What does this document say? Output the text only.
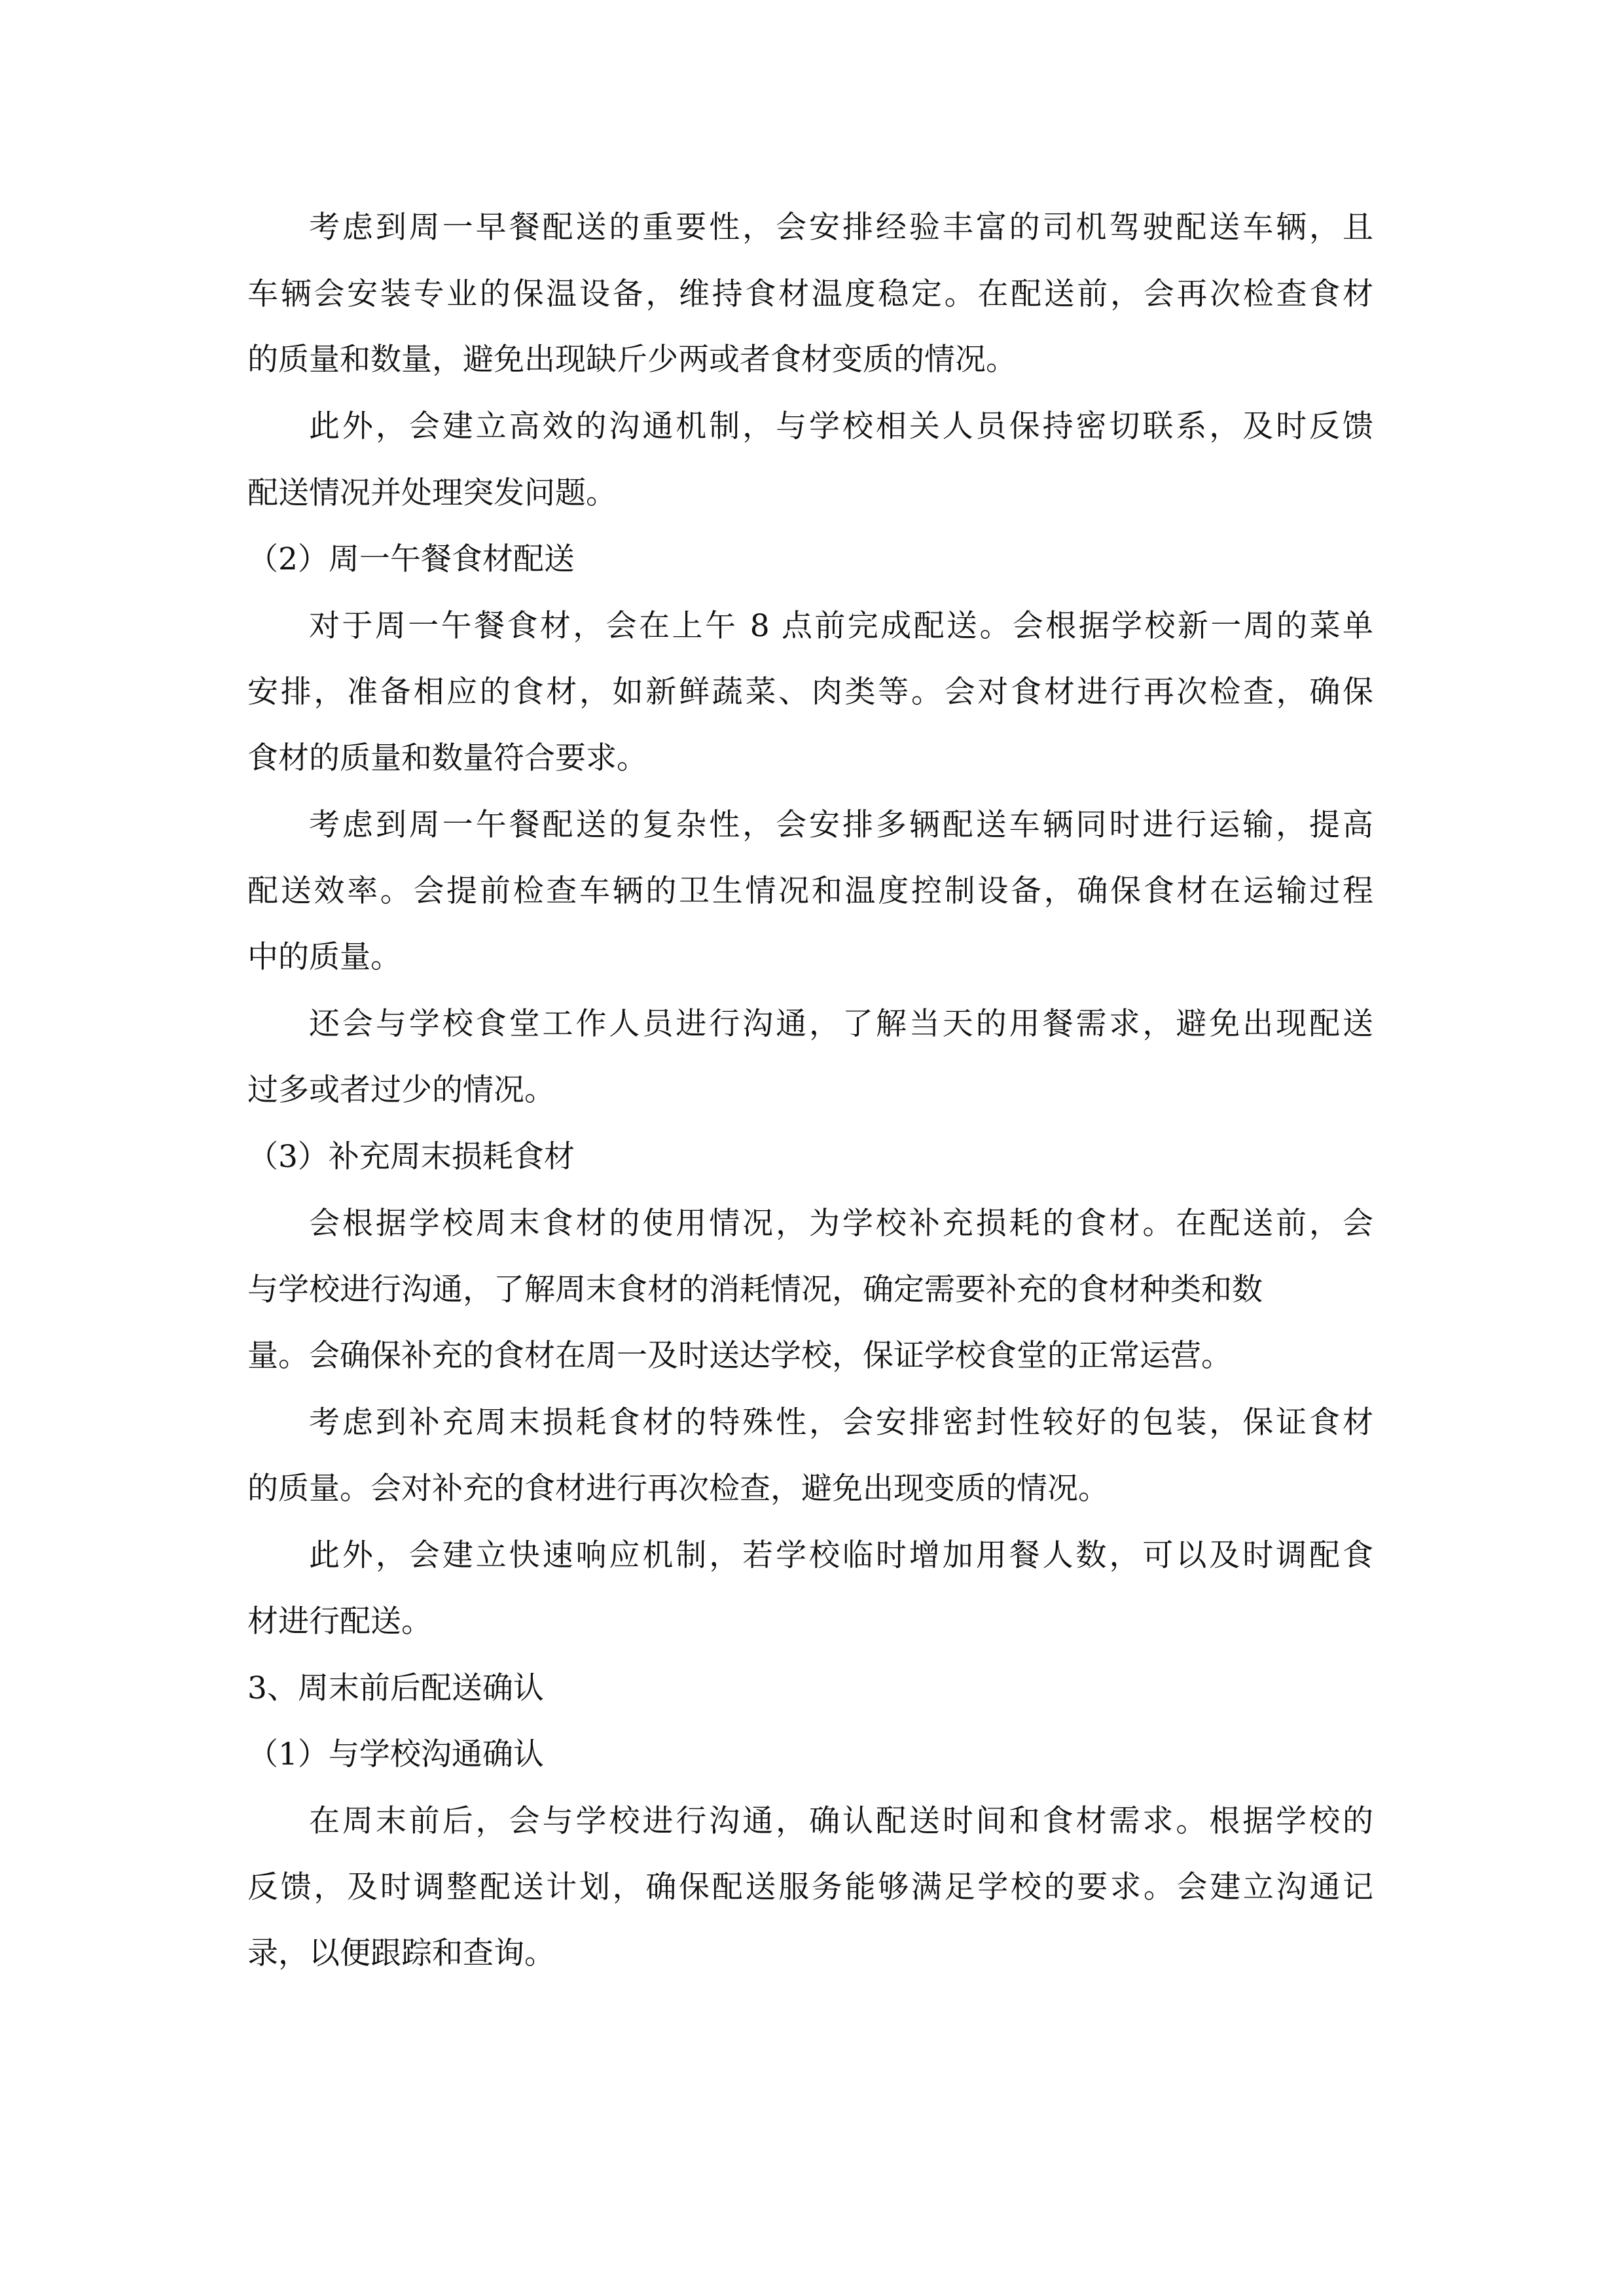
考虑到周一早餐配送的重要性，会安排经验丰富的司机驾驶配送车辆，且
车辆会安装专业的保温设备，维持食材温度稳定。在配送前，会再次检查食材
的质量和数量，避免出现缺斤少两或者食材变质的情况。
此外，会建立高效的沟通机制，与学校相关人员保持密切联系，及时反馈
配送情况并处理突发问题。
（2）周一午餐食材配送
对于周一午餐食材，会在上午 8 点前完成配送。会根据学校新一周的菜单
安排，准备相应的食材，如新鲜蔬菜、肉类等。会对食材进行再次检查，确保
食材的质量和数量符合要求。
考虑到周一午餐配送的复杂性，会安排多辆配送车辆同时进行运输，提高
配送效率。会提前检查车辆的卫生情况和温度控制设备，确保食材在运输过程
中的质量。
还会与学校食堂工作人员进行沟通，了解当天的用餐需求，避免出现配送
过多或者过少的情况。
（3）补充周末损耗食材
会根据学校周末食材的使用情况，为学校补充损耗的食材。在配送前，会
与学校进行沟通，了解周末食材的消耗情况，确定需要补充的食材种类和数
量。会确保补充的食材在周一及时送达学校，保证学校食堂的正常运营。
考虑到补充周末损耗食材的特殊性，会安排密封性较好的包装，保证食材
的质量。会对补充的食材进行再次检查，避免出现变质的情况。
此外，会建立快速响应机制，若学校临时增加用餐人数，可以及时调配食
材进行配送。
3、周末前后配送确认
（1）与学校沟通确认
在周末前后，会与学校进行沟通，确认配送时间和食材需求。根据学校的
反馈，及时调整配送计划，确保配送服务能够满足学校的要求。会建立沟通记
录，以便跟踪和查询。
